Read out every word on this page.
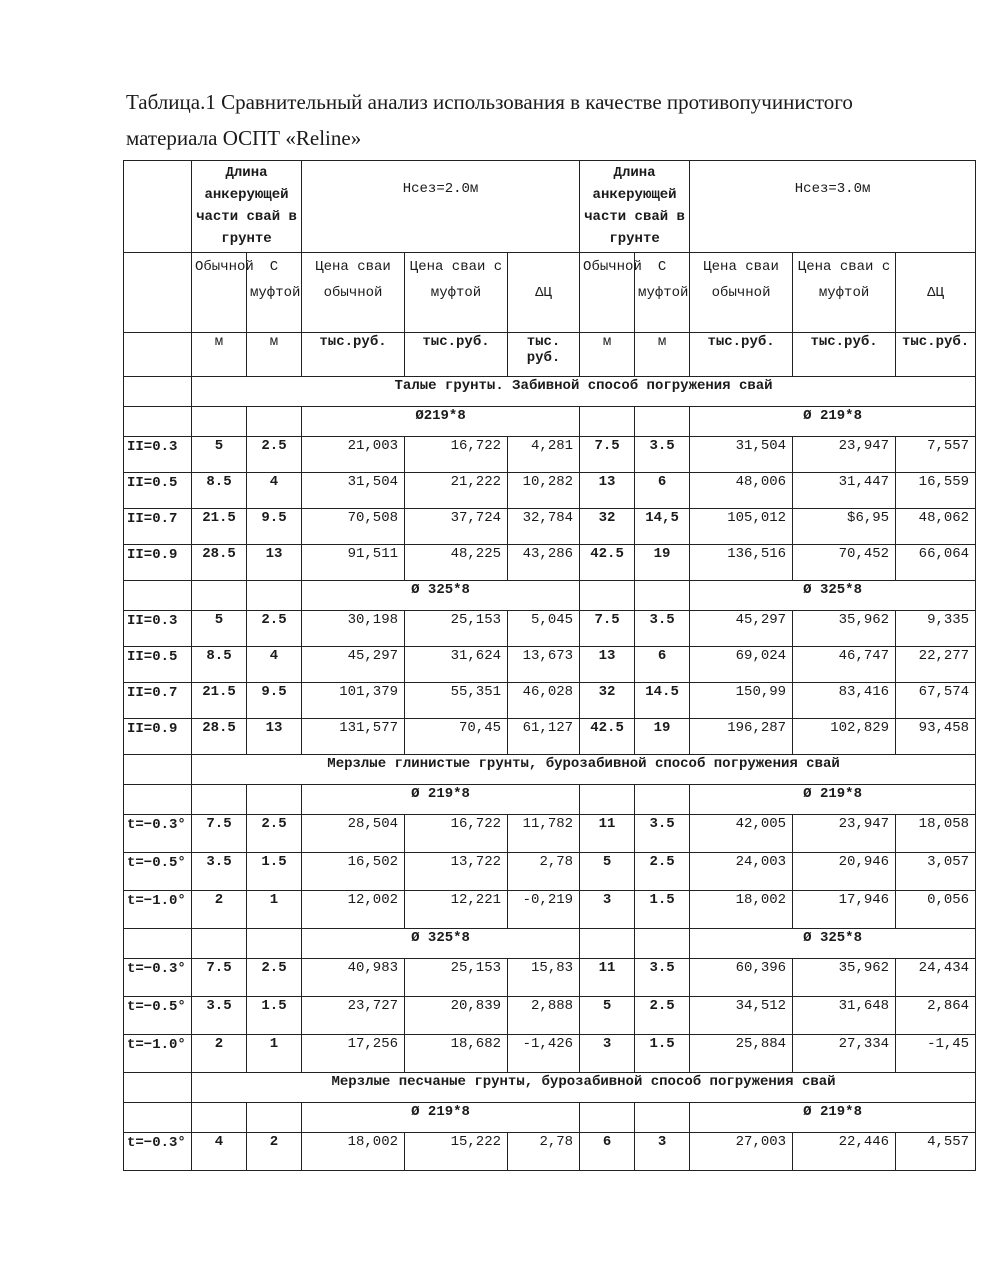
Таблица.1 Сравнительный анализ использования в качестве противопучинистого материала ОСПТ «Reline»
	Длина анкерующей части свай в грунте		Нсез=2.0м			Длина анкерующей части свай в грунте		Нсез=3.0м		
	Обычной	С муфтой	Цена сваи обычной	Цена сваи с муфтой	ΔЦ	Обычной	С муфтой	Цена сваи обычной	Цена сваи с муфтой	ΔЦ
	м	м	тыс.руб.	тыс.руб.	тыс. руб.	м	м	тыс.руб.	тыс.руб.	тыс.руб.
	Талые грунты. Забивной способ погружения свай									
			Ø219*8					Ø 219*8		
II=0.3	5	2.5	21,003	16,722	4,281	7.5	3.5	31,504	23,947	7,557
II=0.5	8.5	4	31,504	21,222	10,282	13	6	48,006	31,447	16,559
II=0.7	21.5	9.5	70,508	37,724	32,784	32	14,5	105,012	$6,95	48,062
II=0.9	28.5	13	91,511	48,225	43,286	42.5	19	136,516	70,452	66,064
			Ø 325*8					Ø 325*8		
II=0.3	5	2.5	30,198	25,153	5,045	7.5	3.5	45,297	35,962	9,335
II=0.5	8.5	4	45,297	31,624	13,673	13	6	69,024	46,747	22,277
II=0.7	21.5	9.5	101,379	55,351	46,028	32	14.5	150,99	83,416	67,574
II=0.9	28.5	13	131,577	70,45	61,127	42.5	19	196,287	102,829	93,458
	Мерзлые глинистые грунты, бурозабивной способ погружения свай									
			Ø 219*8					Ø 219*8		
t=−0.3°	7.5	2.5	28,504	16,722	11,782	11	3.5	42,005	23,947	18,058
t=−0.5°	3.5	1.5	16,502	13,722	2,78	5	2.5	24,003	20,946	3,057
t=−1.0°	2	1	12,002	12,221	-0,219	3	1.5	18,002	17,946	0,056
			Ø 325*8					Ø 325*8		
t=−0.3°	7.5	2.5	40,983	25,153	15,83	11	3.5	60,396	35,962	24,434
t=−0.5°	3.5	1.5	23,727	20,839	2,888	5	2.5	34,512	31,648	2,864
t=−1.0°	2	1	17,256	18,682	-1,426	3	1.5	25,884	27,334	-1,45
	Мерзлые песчаные грунты, бурозабивной способ погружения свай									
			Ø 219*8					Ø 219*8		
t=−0.3°	4	2	18,002	15,222	2,78	6	3	27,003	22,446	4,557
